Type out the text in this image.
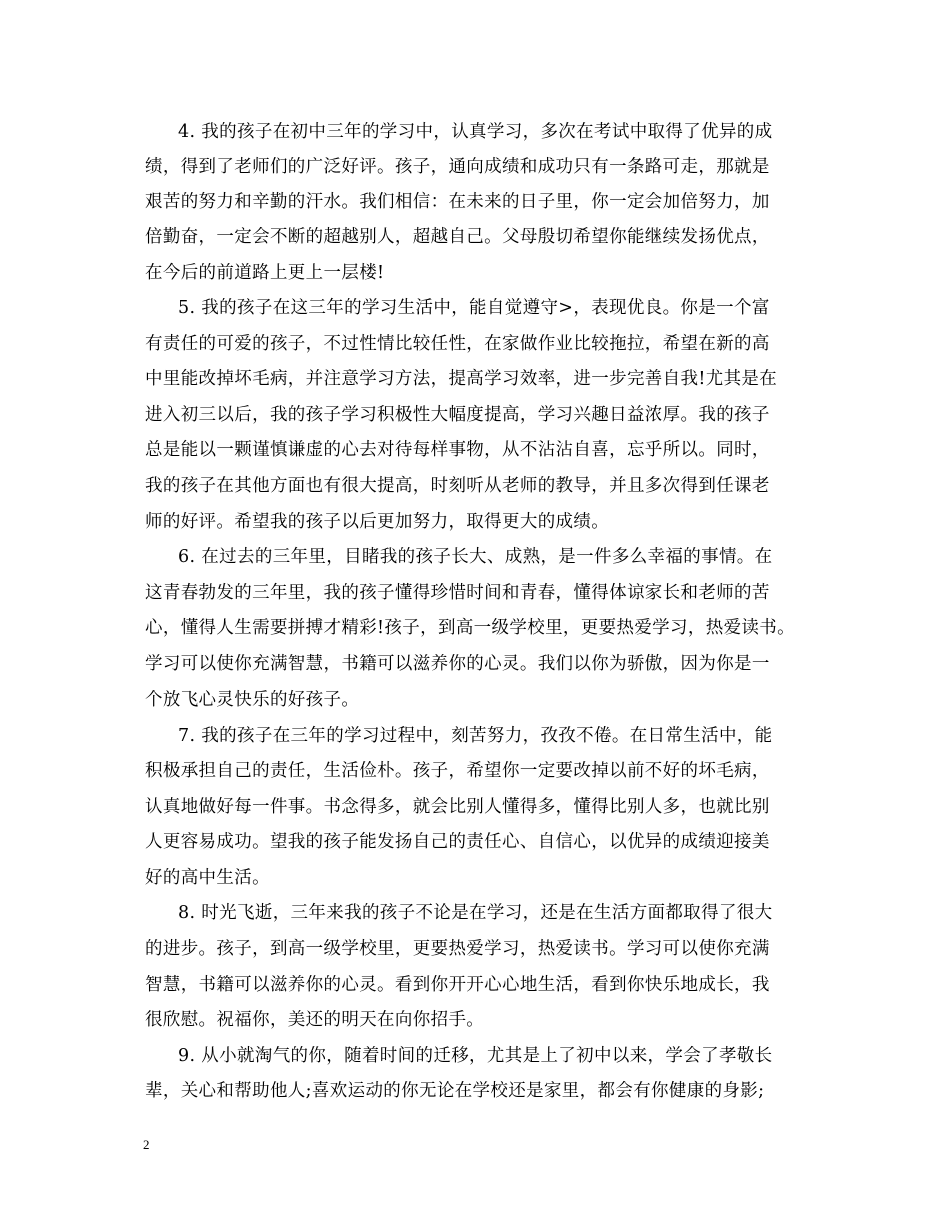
4. 我的孩子在初中三年的学习中，认真学习，多次在考试中取得了优异的成
绩，得到了老师们的广泛好评。孩子，通向成绩和成功只有一条路可走，那就是
艰苦的努力和辛勤的汗水。我们相信：在未来的日子里，你一定会加倍努力，加
倍勤奋，一定会不断的超越别人，超越自己。父母殷切希望你能继续发扬优点，
在今后的前道路上更上一层楼!
5. 我的孩子在这三年的学习生活中，能自觉遵守>，表现优良。你是一个富
有责任的可爱的孩子，不过性情比较任性，在家做作业比较拖拉，希望在新的高
中里能改掉坏毛病，并注意学习方法，提高学习效率，进一步完善自我!尤其是在
进入初三以后，我的孩子学习积极性大幅度提高，学习兴趣日益浓厚。我的孩子
总是能以一颗谨慎谦虚的心去对待每样事物，从不沾沾自喜，忘乎所以。同时，
我的孩子在其他方面也有很大提高，时刻听从老师的教导，并且多次得到任课老
师的好评。希望我的孩子以后更加努力，取得更大的成绩。
6. 在过去的三年里，目睹我的孩子长大、成熟，是一件多么幸福的事情。在
这青春勃发的三年里，我的孩子懂得珍惜时间和青春，懂得体谅家长和老师的苦
心，懂得人生需要拼搏才精彩!孩子，到高一级学校里，更要热爱学习，热爱读书。
学习可以使你充满智慧，书籍可以滋养你的心灵。我们以你为骄傲，因为你是一
个放飞心灵快乐的好孩子。
7. 我的孩子在三年的学习过程中，刻苦努力，孜孜不倦。在日常生活中，能
积极承担自己的责任，生活俭朴。孩子，希望你一定要改掉以前不好的坏毛病，
认真地做好每一件事。书念得多，就会比别人懂得多，懂得比别人多，也就比别
人更容易成功。望我的孩子能发扬自己的责任心、自信心，以优异的成绩迎接美
好的高中生活。
8. 时光飞逝，三年来我的孩子不论是在学习，还是在生活方面都取得了很大
的进步。孩子，到高一级学校里，更要热爱学习，热爱读书。学习可以使你充满
智慧，书籍可以滋养你的心灵。看到你开开心心地生活，看到你快乐地成长，我
很欣慰。祝福你，美还的明天在向你招手。
9. 从小就淘气的你，随着时间的迁移，尤其是上了初中以来，学会了孝敬长
辈，关心和帮助他人;喜欢运动的你无论在学校还是家里，都会有你健康的身影;
2
